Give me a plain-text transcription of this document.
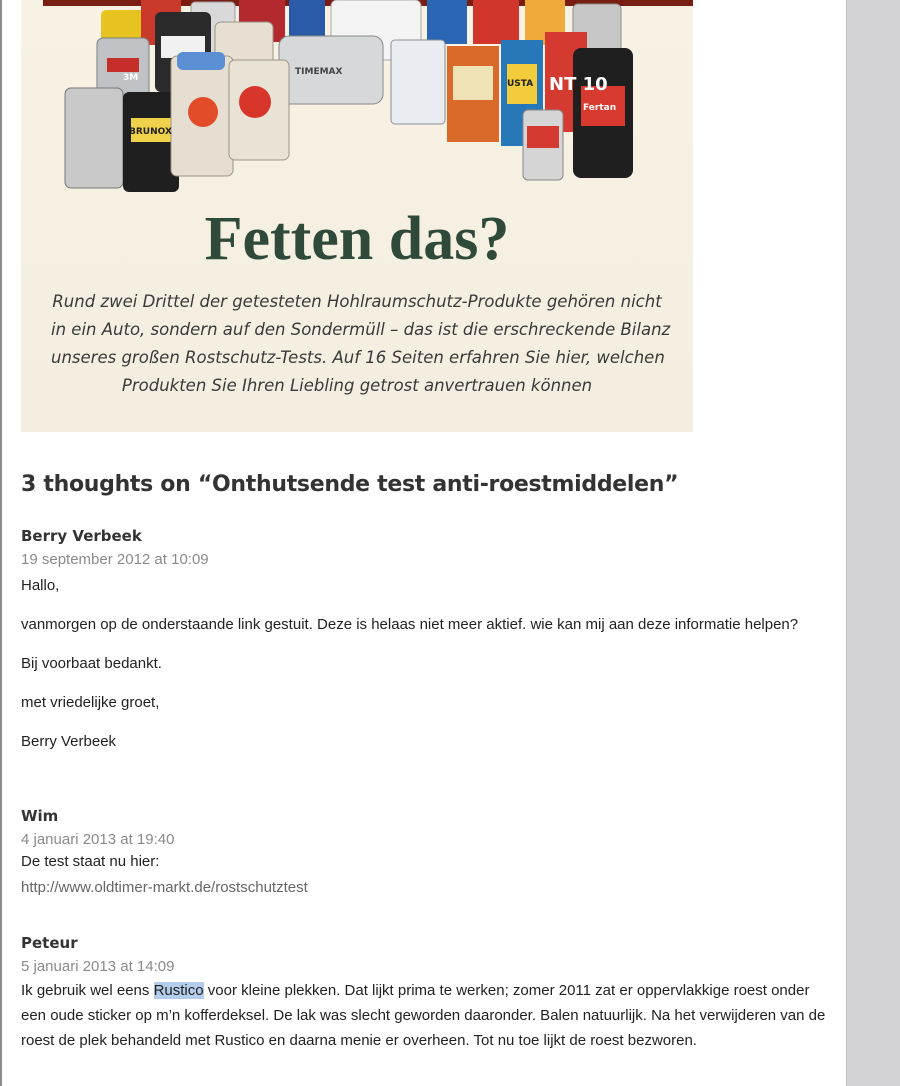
3M
BRUNOX
TIMEMAX
NT 10
USTA
Fertan
Fetten das?
Rund zwei Drittel der getesteten Hohlraumschutz-Produkte gehören nicht
in ein Auto, sondern auf den Sondermüll – das ist die erschreckende Bilanz
unseres großen Rostschutz-Tests. Auf 16 Seiten erfahren Sie hier, welchen
Produkten Sie Ihren Liebling getrost anvertrauen können
3 thoughts on “Onthutsende test anti-roestmiddelen”
Berry Verbeek
19 september 2012 at 10:09

Hallo,

vanmorgen op de onderstaande link gestuit. Deze is helaas niet meer aktief. wie kan mij aan deze informatie helpen?

Bij voorbaat bedankt.

met vriedelijke groet,

Berry Verbeek

Wim
4 januari 2013 at 19:40

De test staat nu hier:

http://www.oldtimer-markt.de/rostschutztest

Peteur
5 januari 2013 at 14:09

Ik gebruik wel eens Rustico voor kleine plekken. Dat lijkt prima te werken; zomer 2011 zat er oppervlakkige roest onder een oude sticker op m’n kofferdeksel. De lak was slecht geworden daaronder. Balen natuurlijk. Na het verwijderen van de roest de plek behandeld met Rustico en daarna menie er overheen. Tot nu toe lijkt de roest bezworen.
